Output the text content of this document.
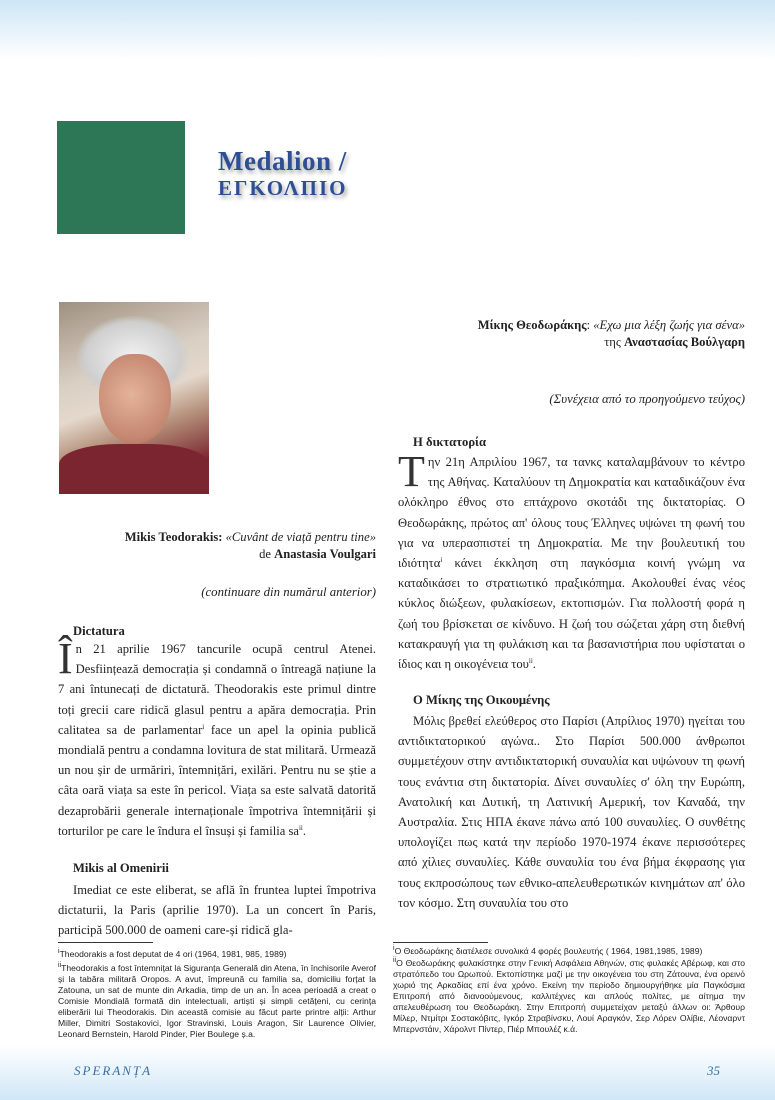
Medalion /
ΕΓΚΟΛΠΙΟ
Μίκης Θεοδωράκης: «Εχω μια λέξη ζωής για σένα»
της Αναστασίας Βούλγαρη
(Συνέχεια από το προηγούμενο τεύχος)
Mikis Teodorakis: «Cuvânt de viață pentru tine»
de Anastasia Voulgari
(continuare din numărul anterior)
Dictatura
În 21 aprilie 1967 tancurile ocupă centrul Atenei. Desființează democrația și condamnă o întreagă națiune la 7 ani întunecați de dictatură. Theodorakis este primul dintre toți grecii care ridică glasul pentru a apăra democrația. Prin calitatea sa de parlamentar$^i$ face un apel la opinia publică mondială pentru a condamna lovitura de stat militară. Urmează un nou șir de urmăriri, întemnițări, exilări. Pentru nu se știe a câta oară viața sa este în pericol. Viața sa este salvată datorită dezaprobării generale internaționale împotriva întemnițării și torturilor pe care le îndura el însuși și familia $sa^{ii}$.
Mikis al Omenirii
Imediat ce este eliberat, se află în fruntea luptei împotriva dictaturii, la Paris (aprilie 1970). La un concert în Paris, participă 500.000 de oameni care-și ridică gla-
Η δικτατορία
Την 21η Απριλίου 1967, τα τανκς καταλαμβάνουν το κέντρο της Αθήνας. Καταλύουν τη Δημοκρατία και καταδικάζουν ένα ολόκληρο έθνος στο επτάχρονο σκοτάδι της δικτατορίας. Ο Θεοδωράκης, πρώτος απ' όλους τους Έλληνες υψώνει τη φωνή του για να υπερασπιστεί τη Δημοκρατία. Με την βουλευτική του ιδιότητα$^i$ κάνει έκκληση στη παγκόσμια κοινή γνώμη να καταδικάσει το στρατιωτικό πραξικόπημα. Ακολουθεί ένας νέος κύκλος διώξεων, φυλακίσεων, εκτοπισμών. Για πολλοστή φορά η ζωή του βρίσκεται σε κίνδυνο. Η ζωή του σώζεται χάρη στη διεθνή κατακραυγή για τη φυλάκιση και τα βασανιστήρια που υφίσταται ο ίδιος και η οικογένεια του$^{ii}$.
Ο Μίκης της Οικουμένης
Μόλις βρεθεί ελεύθερος στο Παρίσι (Απρίλιος 1970) ηγείται του αντιδικτατορικού αγώνα.. Στο Παρίσι 500.000 άνθρωποι συμμετέχουν στην αντιδικτατορική συναυλία και υψώνουν τη φωνή τους ενάντια στη δικτατορία. Δίνει συναυλίες σ' όλη την Ευρώπη, Ανατολική και Δυτική, τη Λατινική Αμερική, τον Καναδά, την Αυστραλία. Στις ΗΠΑ έκανε πάνω από 100 συναυλίες. Ο συνθέτης υπολογίζει πως κατά την περίοδο 1970-1974 έκανε περισσότερες από χίλιες συναυλίες. Κάθε συναυλία του ένα βήμα έκφρασης για τους εκπροσώπους των εθνικο-απελευθερωτικών κινημάτων απ' όλο τον κόσμο. Στη συναυλία του στο
$^i$Theodorakis a fost deputat de 4 ori (1964, 1981, 985, 1989)
$^{ii}$Theodorakis a fost întemnițat la Siguranța Generală din Atena, în închisorile Averof și la tabăra militară Oropos. A avut, împreună cu familia sa, domiciliu forțat la Zatouna, un sat de munte din Arkadia, timp de un an. În acea perioadă a creat o Comisie Mondială formată din intelectuali, artiști și simpli cetățeni, cu cerința eliberării lui Theodorakis. Din această comisie au făcut parte printre alții: Arthur Miller, Dimitri Sostakovici, Igor Stravinski, Louis Aragon, Sir Laurence Olivier, Leonard Bernstein, Harold Pinder, Pier Boulege ș.a.
$^i$Ο Θεοδωράκης διατέλεσε συνολικά 4 φορές βουλευτής ( 1964, 1981,1985, 1989)
$^{ii}$Ο Θεοδωράκης φυλακίστηκε στην Γενική Ασφάλεια Αθηνών, στις φυλακές Αβέρωφ, και στο στρατόπεδο του Ωρωπού. Εκτοπίστηκε μαζί με την οικογένεια του στη Ζάτουνα, ένα ορεινό χωριό της Αρκαδίας επί ένα χρόνο. Εκείνη την περίοδο δημιουργήθηκε μία Παγκόσμια Επιτροπή από διανοούμενους, καλλιτέχνες και απλούς πολίτες, με αίτημα την απελευθέρωση του Θεοδωράκη. Στην Επιτροπή συμμετείχαν μεταξύ άλλων οι: Άρθουρ Μίλερ, Ντμίτρι Σοστακόβιτς, Ιγκόρ Στραβίνσκυ, Λουί Αραγκόν, Σερ Λόρεν Ολίβιε, Λέοναρντ Μπερνστάιν, Χάρολντ Πίντερ, Πιέρ Μπουλέζ κ.ά.
SPERANȚA	35
